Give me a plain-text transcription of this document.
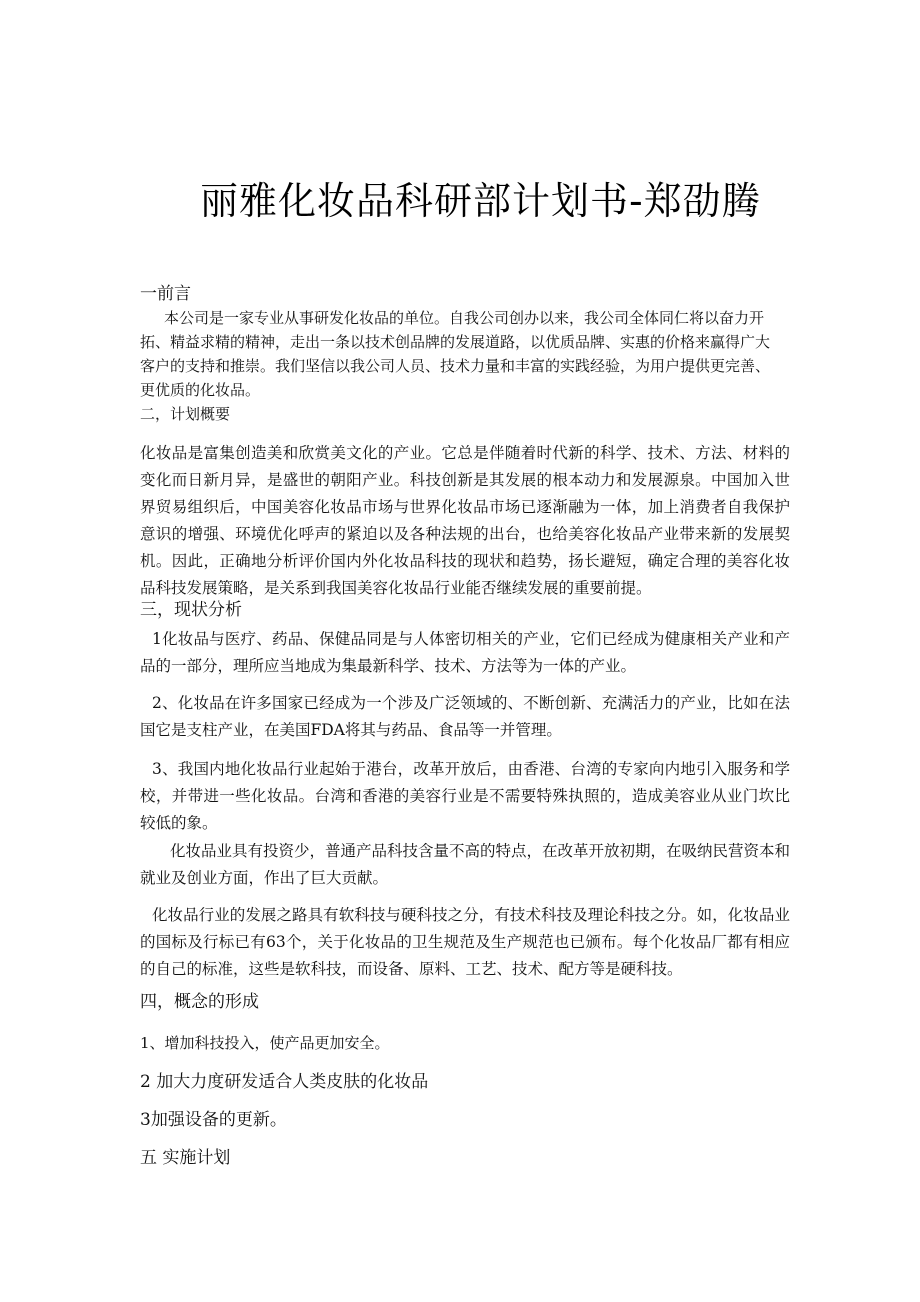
丽雅化妆品科研部计划书-郑劭腾
一前言
本公司是一家专业从事研发化妆品的单位。自我公司创办以来，我公司全体同仁将以奋力开拓、精益求精的精神，走出一条以技术创品牌的发展道路，以优质品牌、实惠的价格来赢得广大客户的支持和推崇。我们坚信以我公司人员、技术力量和丰富的实践经验，为用户提供更完善、更优质的化妆品。
二，计划概要
化妆品是富集创造美和欣赏美文化的产业。它总是伴随着时代新的科学、技术、方法、材料的变化而日新月异，是盛世的朝阳产业。科技创新是其发展的根本动力和发展源泉。中国加入世界贸易组织后，中国美容化妆品市场与世界化妆品市场已逐渐融为一体，加上消费者自我保护意识的增强、环境优化呼声的紧迫以及各种法规的出台，也给美容化妆品产业带来新的发展契机。因此，正确地分析评价国内外化妆品科技的现状和趋势，扬长避短，确定合理的美容化妆品科技发展策略，是关系到我国美容化妆品行业能否继续发展的重要前提。
三，现状分析
1化妆品与医疗、药品、保健品同是与人体密切相关的产业，它们已经成为健康相关产业和产品的一部分，理所应当地成为集最新科学、技术、方法等为一体的产业。
2、化妆品在许多国家已经成为一个涉及广泛领域的、不断创新、充满活力的产业，比如在法国它是支柱产业，在美国FDA将其与药品、食品等一并管理。
3、我国内地化妆品行业起始于港台，改革开放后，由香港、台湾的专家向内地引入服务和学校，并带进一些化妆品。台湾和香港的美容行业是不需要特殊执照的，造成美容业从业门坎比较低的象。
化妆品业具有投资少，普通产品科技含量不高的特点，在改革开放初期，在吸纳民营资本和就业及创业方面，作出了巨大贡献。
化妆品行业的发展之路具有软科技与硬科技之分，有技术科技及理论科技之分。如，化妆品业的国标及行标已有63个，关于化妆品的卫生规范及生产规范也已颁布。每个化妆品厂都有相应的自己的标准，这些是软科技，而设备、原料、工艺、技术、配方等是硬科技。
四，概念的形成
1、增加科技投入，使产品更加安全。
2 加大力度研发适合人类皮肤的化妆品
3加强设备的更新。
五 实施计划
